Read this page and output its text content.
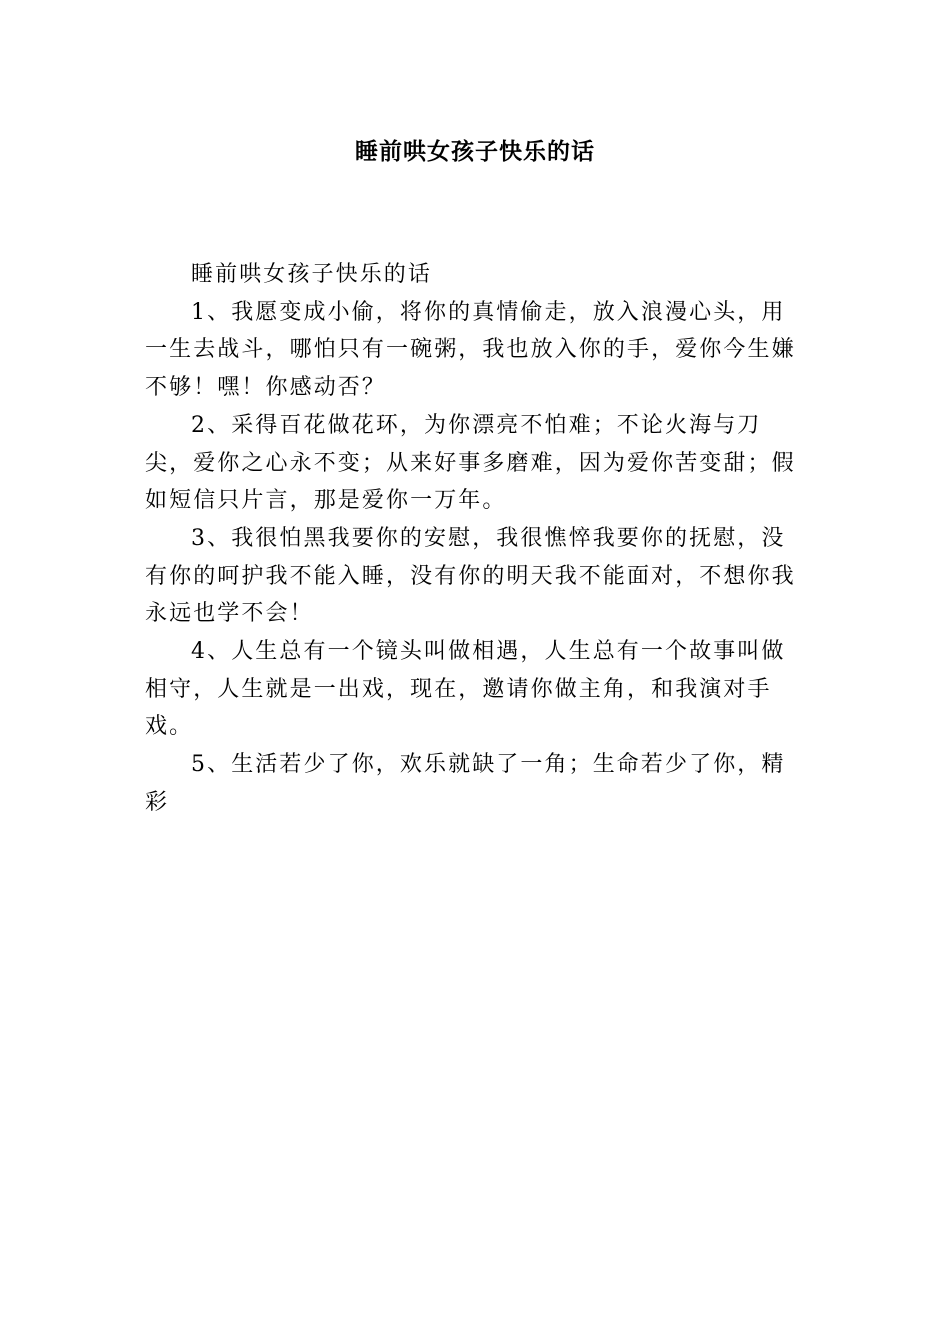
睡前哄女孩子快乐的话

睡前哄女孩子快乐的话

1、我愿变成小偷，将你的真情偷走，放入浪漫心头，用一生去战斗，哪怕只有一碗粥，我也放入你的手，爱你今生嫌不够！嘿！你感动否？

2、采得百花做花环，为你漂亮不怕难；不论火海与刀尖，爱你之心永不变；从来好事多磨难，因为爱你苦变甜；假如短信只片言，那是爱你一万年。

3、我很怕黑我要你的安慰，我很憔悴我要你的抚慰，没有你的呵护我不能入睡，没有你的明天我不能面对，不想你我永远也学不会！

4、人生总有一个镜头叫做相遇，人生总有一个故事叫做相守，人生就是一出戏，现在，邀请你做主角，和我演对手戏。

5、生活若少了你，欢乐就缺了一角；生命若少了你，精彩
